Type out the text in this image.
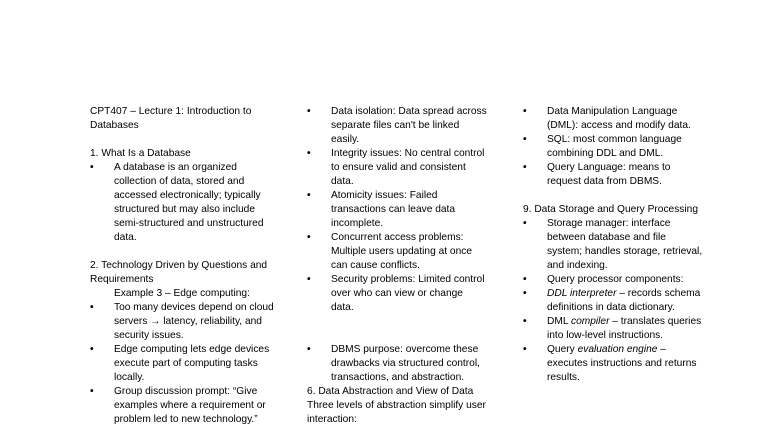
CPT407 – Lecture 1: Introduction to Databases
1. What Is a Database
•	A database is an organized collection of data, stored and accessed electronically; typically structured but may also include semi-structured and unstructured data.
2. Technology Driven by Questions and Requirements
Example 3 – Edge computing:
•	Too many devices depend on cloud servers → latency, reliability, and security issues.
•	Edge computing lets edge devices execute part of computing tasks locally.
•	Group discussion prompt: “Give examples where a requirement or problem led to new technology.”
•	Data isolation: Data spread across separate files can't be linked easily.
•	Integrity issues: No central control to ensure valid and consistent data.
•	Atomicity issues: Failed transactions can leave data incomplete.
•	Concurrent access problems: Multiple users updating at once can cause conflicts.
•	Security problems: Limited control over who can view or change data.
•	DBMS purpose: overcome these drawbacks via structured control, transactions, and abstraction.
6. Data Abstraction and View of Data
Three levels of abstraction simplify user interaction:
•	Data Manipulation Language (DML): access and modify data.
•	SQL: most common language combining DDL and DML.
•	Query Language: means to request data from DBMS.
9. Data Storage and Query Processing
•	Storage manager: interface between database and file system; handles storage, retrieval, and indexing.
•	Query processor components:
•	DDL interpreter – records schema definitions in data dictionary.
•	DML compiler – translates queries into low-level instructions.
•	Query evaluation engine – executes instructions and returns results.
